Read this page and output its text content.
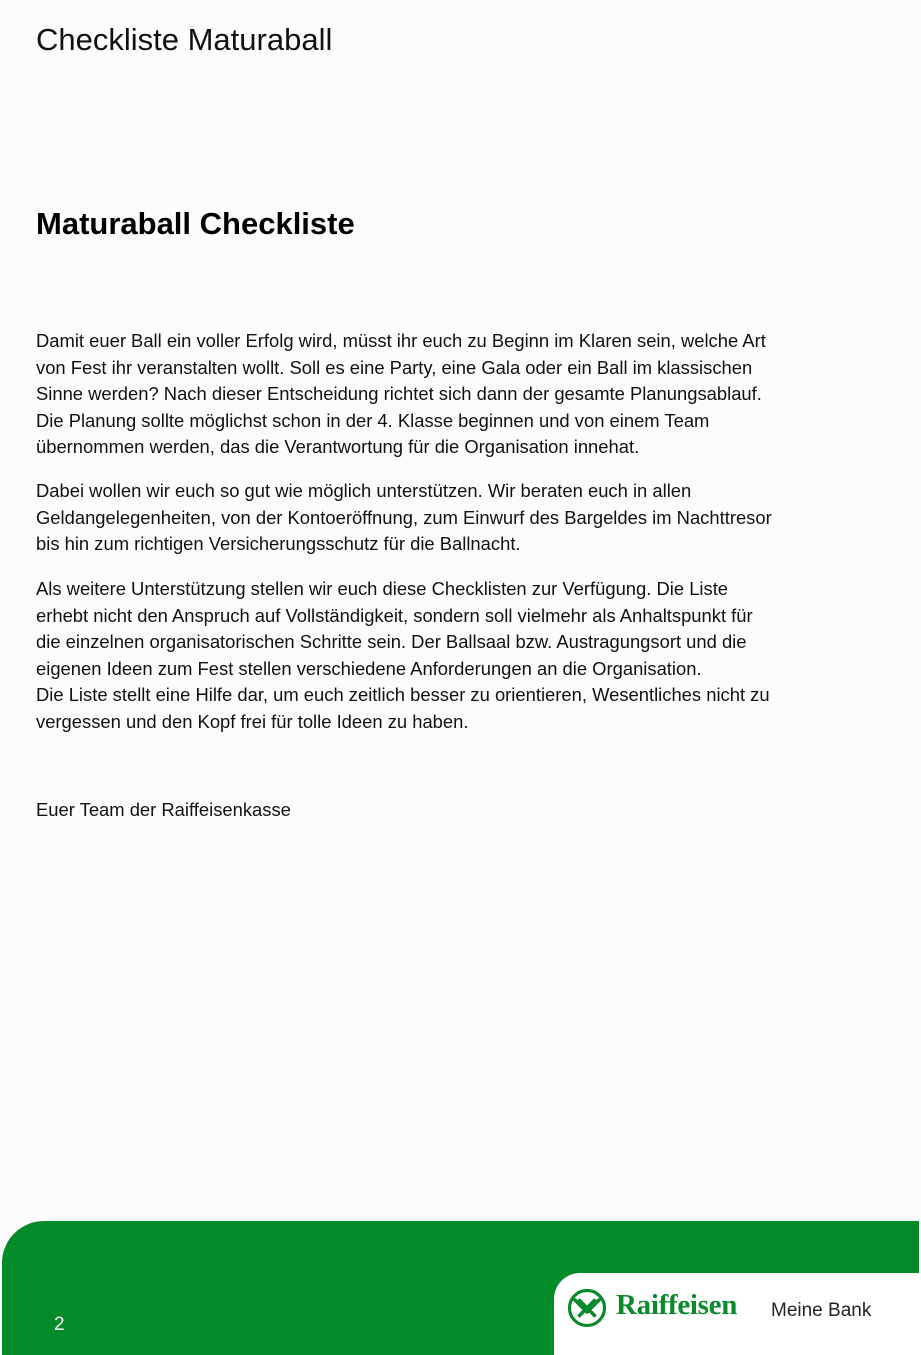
Checkliste Maturaball
Maturaball Checkliste
Damit euer Ball ein voller Erfolg wird, müsst ihr euch zu Beginn im Klaren sein, welche Art
von Fest ihr veranstalten wollt. Soll es eine Party, eine Gala oder ein Ball im klassischen
Sinne werden? Nach dieser Entscheidung richtet sich dann der gesamte Planungsablauf.
Die Planung sollte möglichst schon in der 4. Klasse beginnen und von einem Team
übernommen werden, das die Verantwortung für die Organisation innehat.
Dabei wollen wir euch so gut wie möglich unterstützen. Wir beraten euch in allen
Geldangelegenheiten, von der Kontoeröffnung, zum Einwurf des Bargeldes im Nachttresor
bis hin zum richtigen Versicherungsschutz für die Ballnacht.
Als weitere Unterstützung stellen wir euch diese Checklisten zur Verfügung. Die Liste
erhebt nicht den Anspruch auf Vollständigkeit, sondern soll vielmehr als Anhaltspunkt für
die einzelnen organisatorischen Schritte sein. Der Ballsaal bzw. Austragungsort und die
eigenen Ideen zum Fest stellen verschiedene Anforderungen an die Organisation.
Die Liste stellt eine Hilfe dar, um euch zeitlich besser zu orientieren, Wesentliches nicht zu
vergessen und den Kopf frei für tolle Ideen zu haben.
Euer Team der Raiffeisenkasse
2
Raiffeisen Meine Bank
